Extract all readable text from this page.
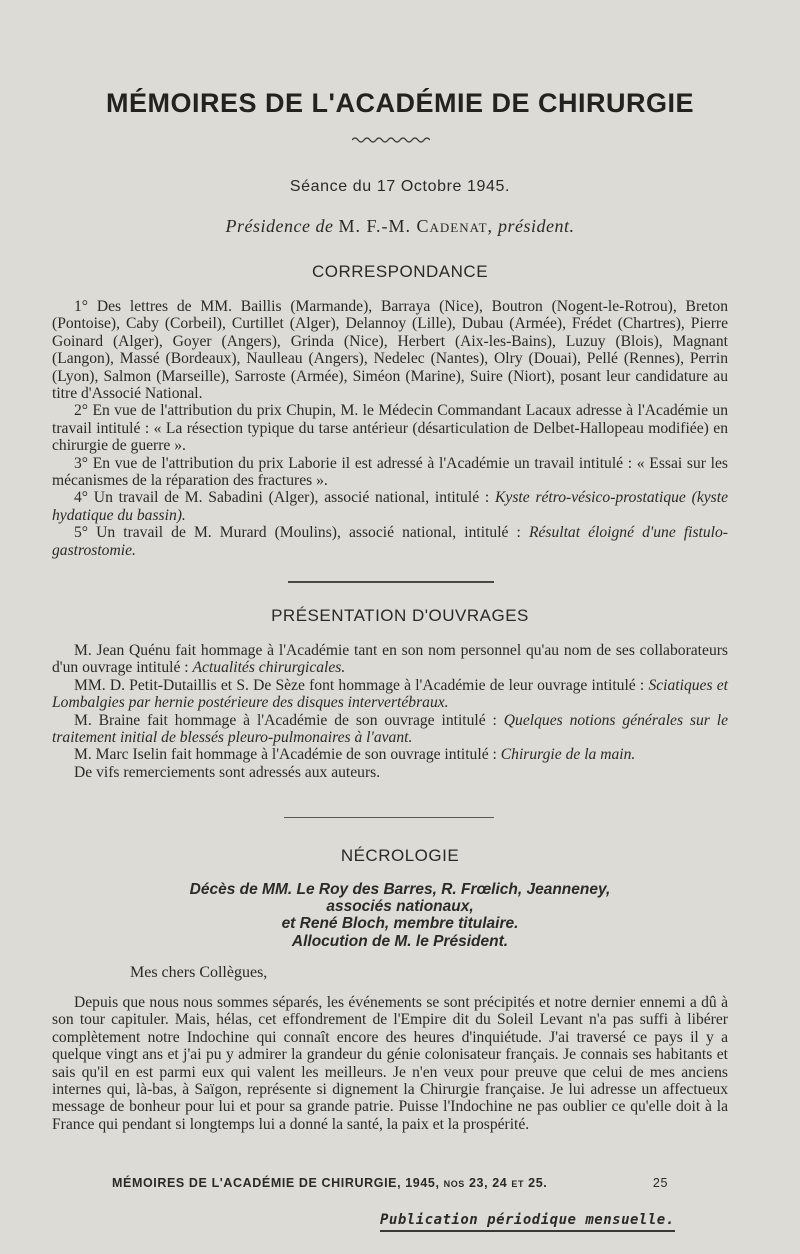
MÉMOIRES DE L'ACADÉMIE DE CHIRURGIE
Séance du 17 Octobre 1945.
Présidence de M. F.-M. Cadenat, président.
CORRESPONDANCE

1° Des lettres de MM. Baillis (Marmande), Barraya (Nice), Boutron (Nogent-le-Rotrou), Breton (Pontoise), Caby (Corbeil), Curtillet (Alger), Delannoy (Lille), Dubau (Armée), Frédet (Chartres), Pierre Goinard (Alger), Goyer (Angers), Grinda (Nice), Herbert (Aix-les-Bains), Luzuy (Blois), Magnant (Langon), Massé (Bordeaux), Naulleau (Angers), Nedelec (Nantes), Olry (Douai), Pellé (Rennes), Perrin (Lyon), Salmon (Marseille), Sarroste (Armée), Siméon (Marine), Suire (Niort), posant leur candidature au titre d'Associé National.

2° En vue de l'attribution du prix Chupin, M. le Médecin Commandant Lacaux adresse à l'Académie un travail intitulé : « La résection typique du tarse antérieur (désarticulation de Delbet-Hallopeau modifiée) en chirurgie de guerre ».

3° En vue de l'attribution du prix Laborie il est adressé à l'Académie un travail intitulé : « Essai sur les mécanismes de la réparation des fractures ».

4° Un travail de M. Sabadini (Alger), associé national, intitulé : Kyste rétro-vésico-prostatique (kyste hydatique du bassin).

5° Un travail de M. Murard (Moulins), associé national, intitulé : Résultat éloigné d'une fistulo-gastrostomie.

PRÉSENTATION D'OUVRAGES

M. Jean Quénu fait hommage à l'Académie tant en son nom personnel qu'au nom de ses collaborateurs d'un ouvrage intitulé : Actualités chirurgicales.

MM. D. Petit-Dutaillis et S. De Sèze font hommage à l'Académie de leur ouvrage intitulé : Sciatiques et Lombalgies par hernie postérieure des disques intervertébraux.

M. Braine fait hommage à l'Académie de son ouvrage intitulé : Quelques notions générales sur le traitement initial de blessés pleuro-pulmonaires à l'avant.

M. Marc Iselin fait hommage à l'Académie de son ouvrage intitulé : Chirurgie de la main.

De vifs remerciements sont adressés aux auteurs.

NÉCROLOGIE
Décès de MM. Le Roy des Barres, R. Frœlich, Jeanneney,
associés nationaux,
et René Bloch, membre titulaire.
Allocution de M. le Président.
Mes chers Collègues,

Depuis que nous nous sommes séparés, les événements se sont précipités et notre dernier ennemi a dû à son tour capituler. Mais, hélas, cet effondrement de l'Empire dit du Soleil Levant n'a pas suffi à libérer complètement notre Indochine qui connaît encore des heures d'inquiétude. J'ai traversé ce pays il y a quelque vingt ans et j'ai pu y admirer la grandeur du génie colonisateur français. Je connais ses habitants et sais qu'il en est parmi eux qui valent les meilleurs. Je n'en veux pour preuve que celui de mes anciens internes qui, là-bas, à Saïgon, représente si dignement la Chirurgie française. Je lui adresse un affectueux message de bonheur pour lui et pour sa grande patrie. Puisse l'Indochine ne pas oublier ce qu'elle doit à la France qui pendant si longtemps lui a donné la santé, la paix et la prospérité.

MÉMOIRES DE L'ACADÉMIE DE CHIRURGIE, 1945, nos 23, 24 et 25.	25
Publication périodique mensuelle.
